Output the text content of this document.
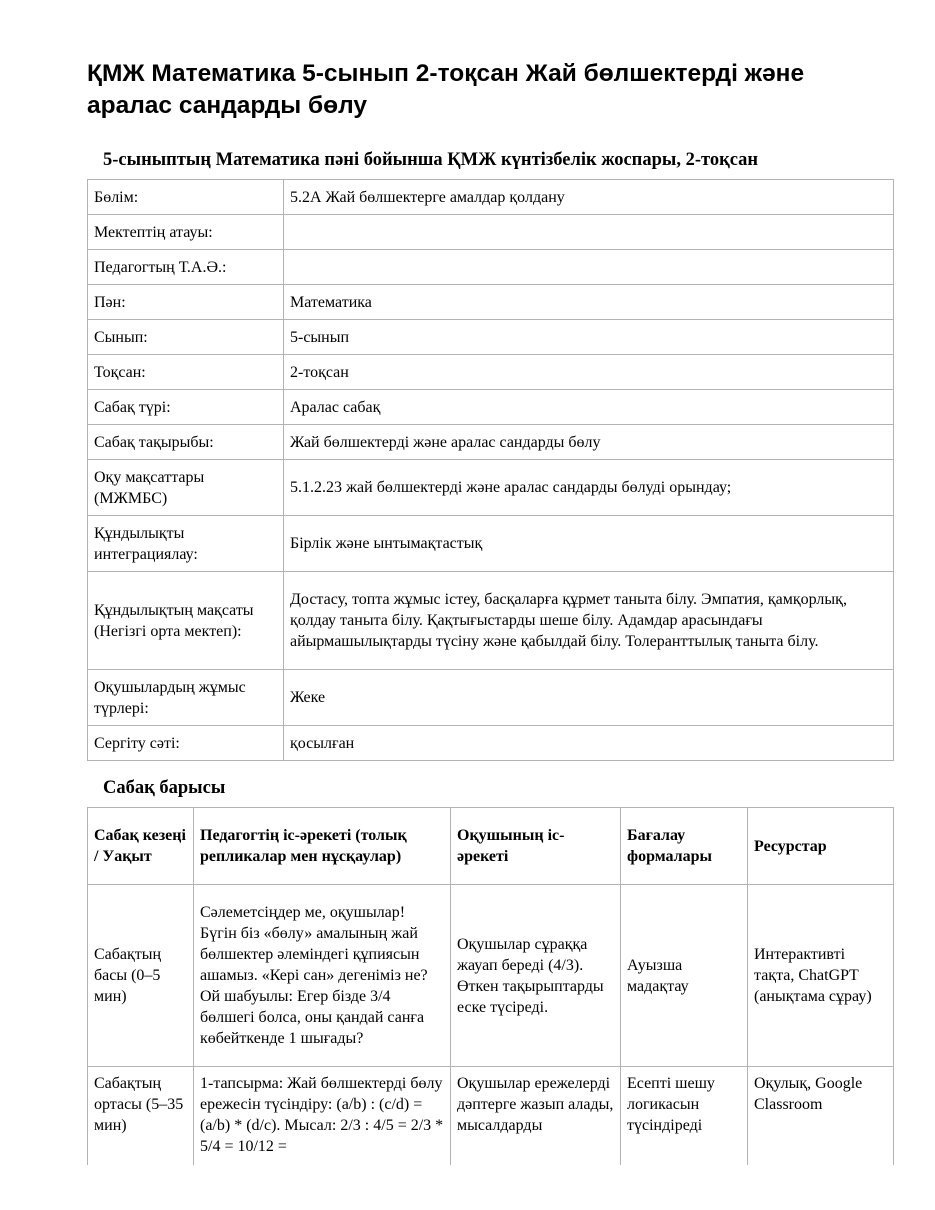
ҚМЖ Математика 5-сынып 2-тоқсан Жай бөлшектерді және аралас сандарды бөлу
5-сыныптың Математика пәні бойынша ҚМЖ күнтізбелік жоспары, 2-тоқсан
Бөлім:	5.2А Жай бөлшектерге амалдар қолдану
Мектептің атауы:	
Педагогтың Т.А.Ә.:	
Пән:	Математика
Сынып:	5-сынып
Тоқсан:	2-тоқсан
Сабақ түрі:	Аралас сабақ
Сабақ тақырыбы:	Жай бөлшектерді және аралас сандарды бөлу
Оқу мақсаттары (МЖМБС)	5.1.2.23 жай бөлшектерді және аралас сандарды бөлуді орындау;
Құндылықты интеграциялау:	Бірлік және ынтымақтастық
Құндылықтың мақсаты (Негізгі орта мектеп):	Достасу, топта жұмыс істеу, басқаларға құрмет таныта білу. Эмпатия, қамқорлық, қолдау таныта білу. Қақтығыстарды шеше білу. Адамдар арасындағы айырмашылықтарды түсіну және қабылдай білу. Толеранттылық таныта білу.
Оқушылардың жұмыс түрлері:	Жеке
Сергіту сәті:	қосылған
Сабақ барысы
Сабақ кезеңі / Уақыт	Педагогтің іс-әрекеті (толық репликалар мен нұсқаулар)	Оқушының іс-әрекеті	Бағалау формалары	Ресурстар
Сабақтың басы (0–5 мин)	Сәлеметсіңдер ме, оқушылар! Бүгін біз «бөлу» амалының жай бөлшектер әлеміндегі құпиясын ашамыз. «Кері сан» дегеніміз не? Ой шабуылы: Егер бізде 3/4 бөлшегі болса, оны қандай санға көбейткенде 1 шығады?	Оқушылар сұраққа жауап береді (4/3). Өткен тақырыптарды еске түсіреді.	Ауызша мадақтау	Интерактивті тақта, ChatGPT (анықтама сұрау)
Сабақтың ортасы (5–35 мин)	1-тапсырма: Жай бөлшектерді бөлу ережесін түсіндіру: (a/b) : (c/d) = (a/b) * (d/c). Мысал: 2/3 : 4/5 = 2/3 * 5/4 = 10/12 =	Оқушылар ережелерді дәптерге жазып алады, мысалдарды	Есепті шешу логикасын түсіндіреді	Оқулық, Google Classroom
